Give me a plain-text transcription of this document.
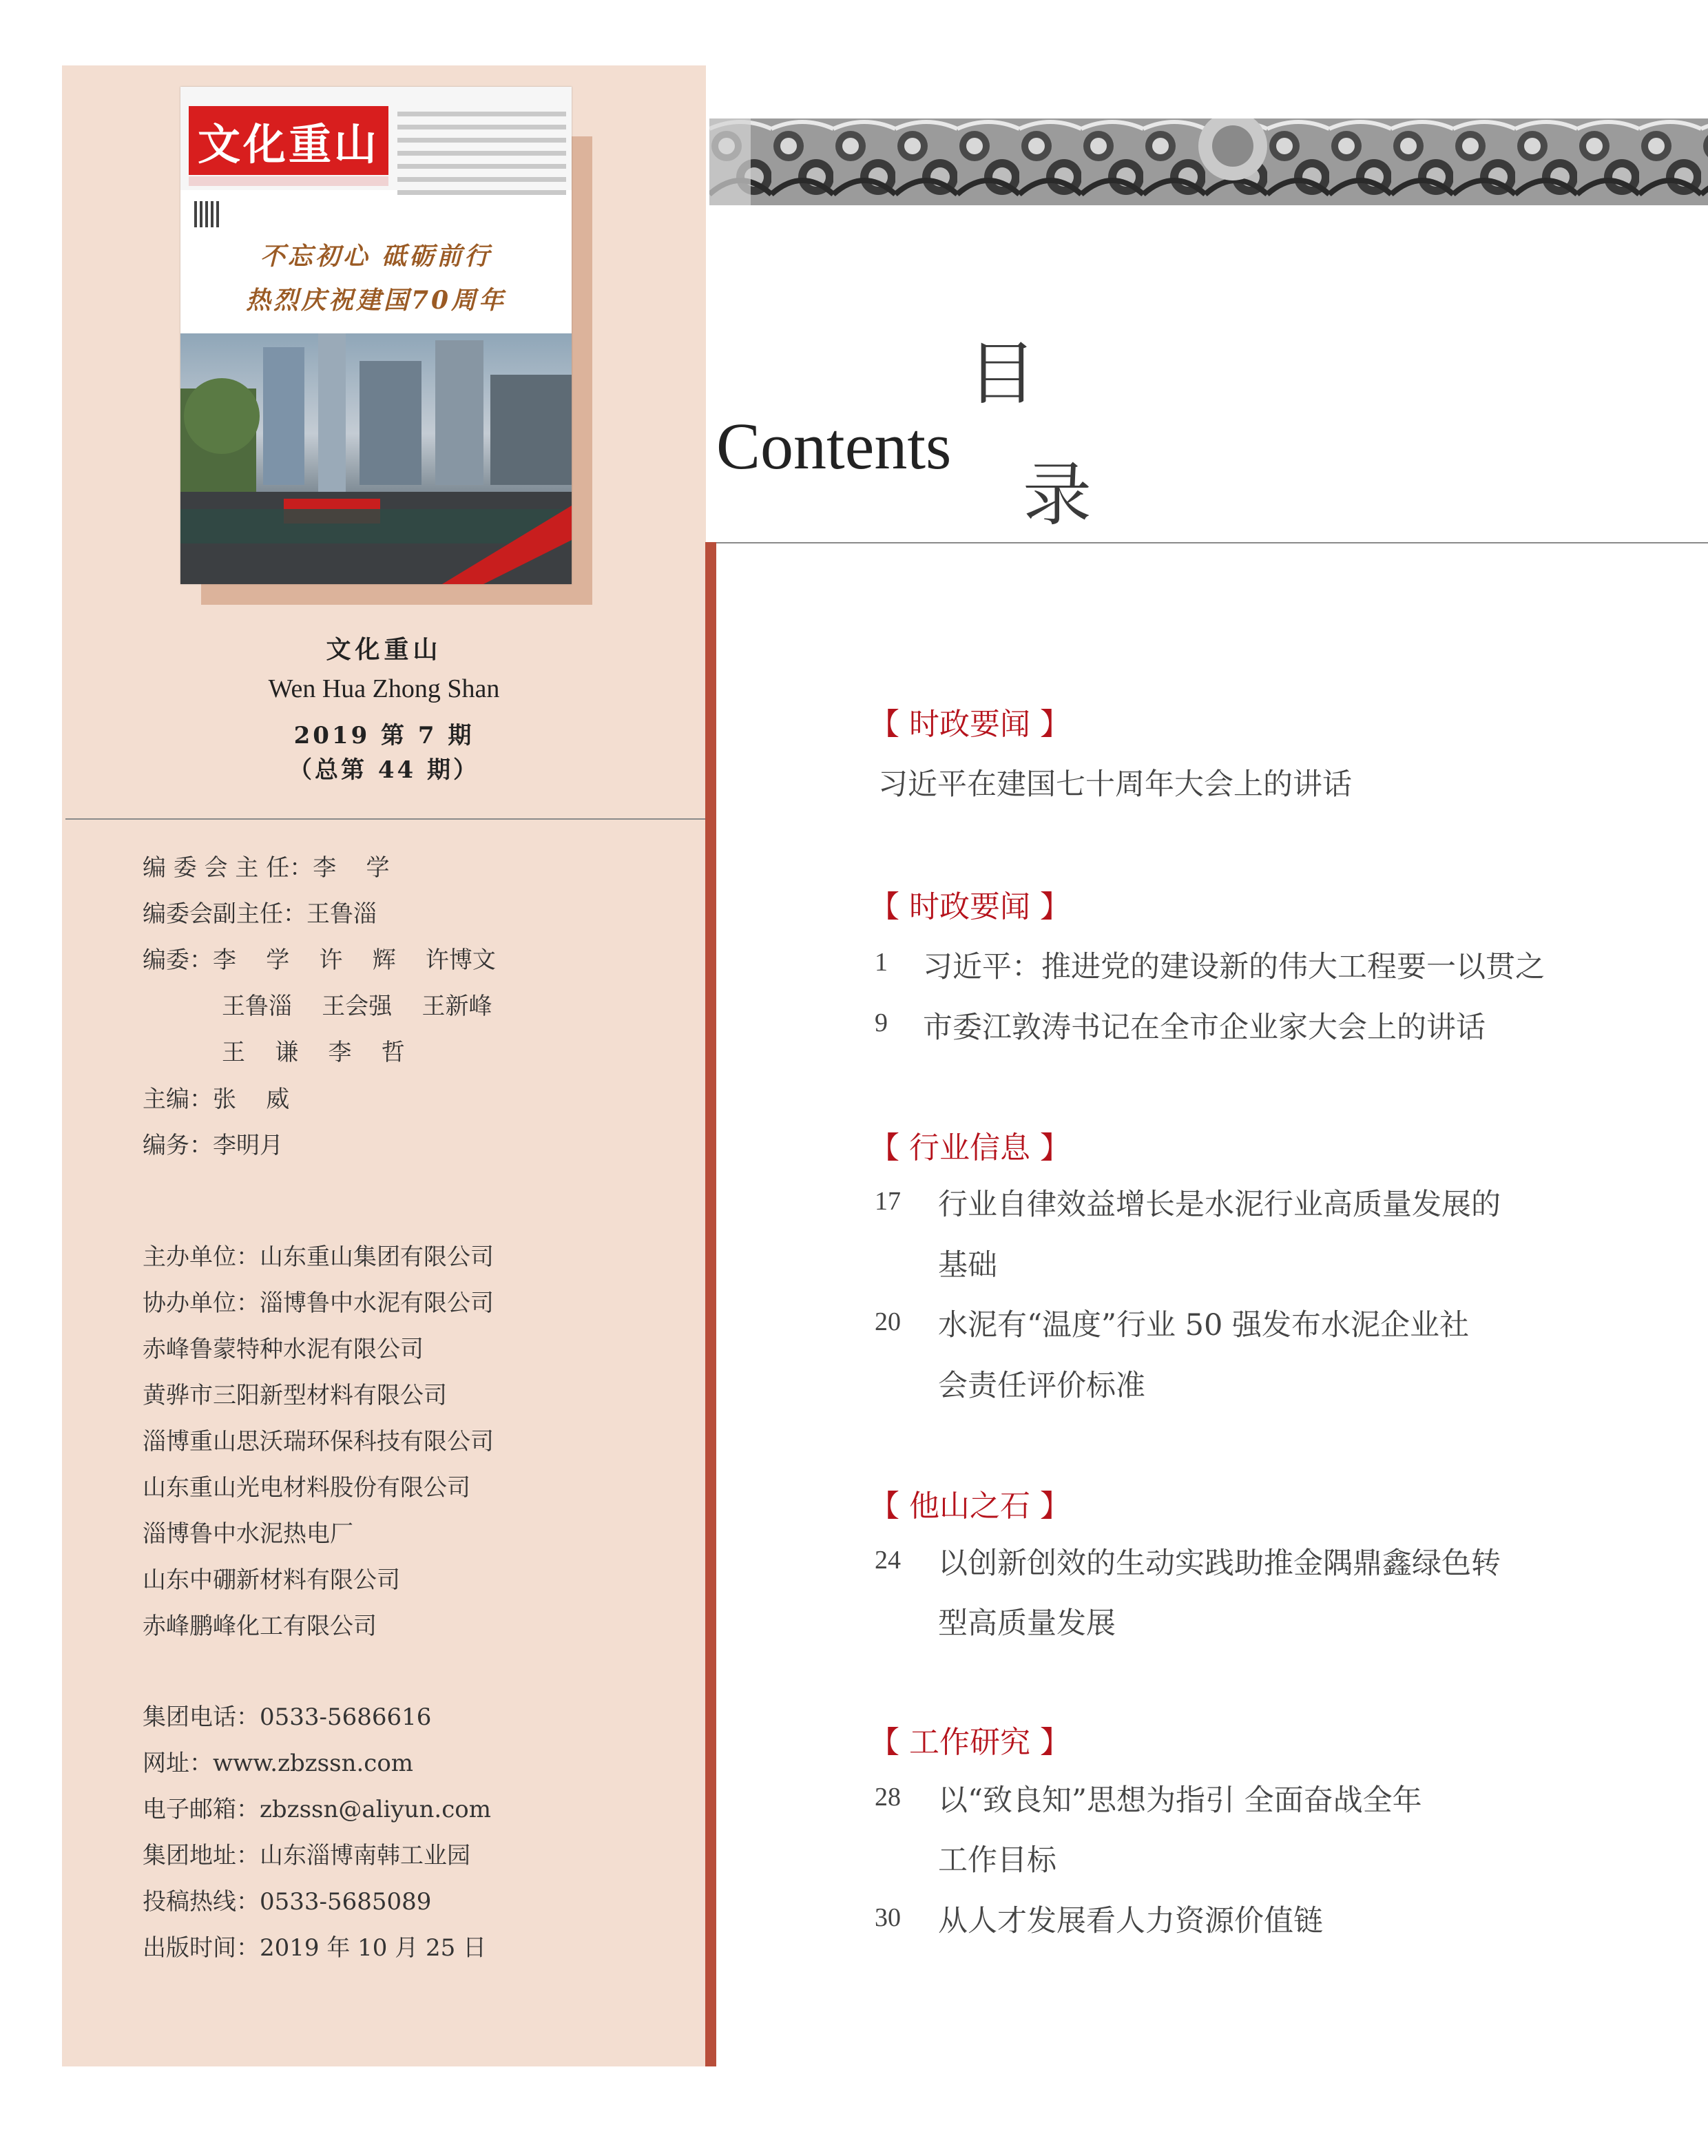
文化重山
不忘初心 砥砺前行
热烈庆祝建国70周年
文化重山
Wen Hua Zhong Shan
2019 第 7 期
（总第 44 期）
编 委 会 主 任：李    学
编委会副主任：王鲁淄
编委：李    学    许    辉    许博文
王鲁淄    王会强    王新峰
王    谦    李    哲
主编：张    威
编务：李明月
主办单位：山东重山集团有限公司
协办单位：淄博鲁中水泥有限公司
赤峰鲁蒙特种水泥有限公司
黄骅市三阳新型材料有限公司
淄博重山思沃瑞环保科技有限公司
山东重山光电材料股份有限公司
淄博鲁中水泥热电厂
山东中硼新材料有限公司
赤峰鹏峰化工有限公司
集团电话：0533-5686616
网址：www.zbzssn.com
电子邮箱：zbzssn@aliyun.com
集团地址：山东淄博南韩工业园
投稿热线：0533-5685089
出版时间：2019 年 10 月 25 日
目
Contents
录
【 时政要闻 】
习近平在建国七十周年大会上的讲话
【 时政要闻 】
1 习近平：推进党的建设新的伟大工程要一以贯之
9 市委江敦涛书记在全市企业家大会上的讲话
【 行业信息 】
17 行业自律效益增长是水泥行业高质量发展的
基础
20 水泥有“温度”行业 50 强发布水泥企业社
会责任评价标准
【 他山之石 】
24 以创新创效的生动实践助推金隅鼎鑫绿色转
型高质量发展
【 工作研究 】
28 以“致良知”思想为指引 全面奋战全年
工作目标
30 从人才发展看人力资源价值链
